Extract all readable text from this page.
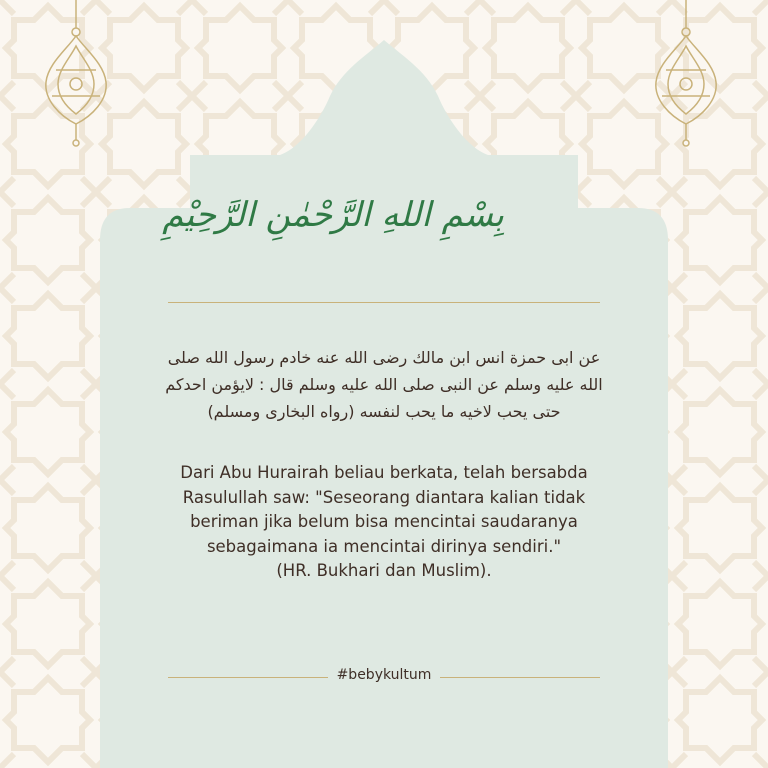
بِسْمِ اللهِ الرَّحْمٰنِ الرَّحِيْمِ
عن ابى حمزة انس ابن مالك رضى الله عنه خادم رسول الله صلى
الله عليه وسلم عن النبى صلى الله عليه وسلم قال : لايؤمن احدكم
حتى يحب لاخيه ما يحب لنفسه (رواه البخارى ومسلم)
Dari Abu Hurairah beliau berkata, telah bersabda
Rasulullah saw: "Seseorang diantara kalian tidak
beriman jika belum bisa mencintai saudaranya
sebagaimana ia mencintai dirinya sendiri."
(HR. Bukhari dan Muslim).
#bebykultum
